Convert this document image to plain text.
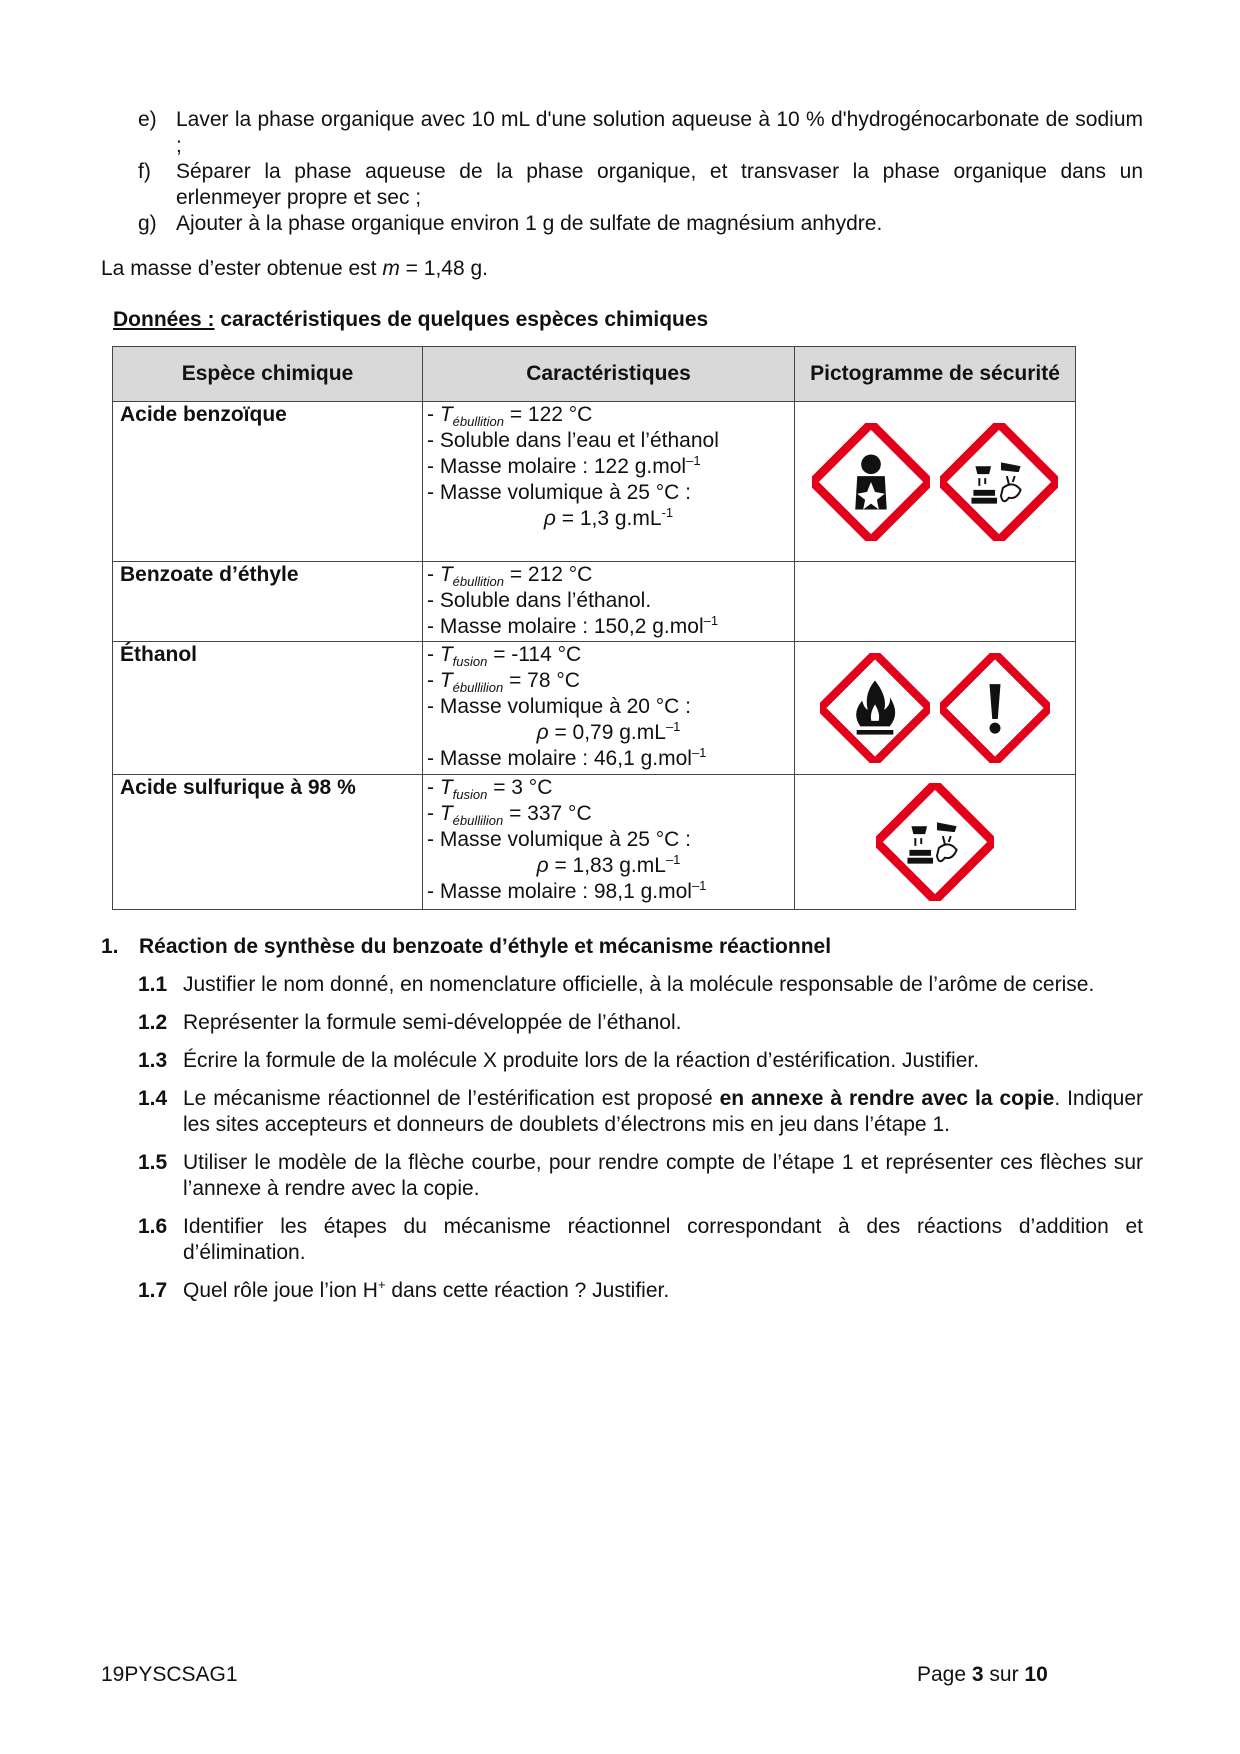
e) Laver la phase organique avec 10 mL d'une solution aqueuse à 10 % d'hydrogénocarbonate de sodium ;
f)	Séparer la phase aqueuse de la phase organique, et transvaser la phase organique dans un erlenmeyer propre et sec ;
g) Ajouter à la phase organique environ 1 g de sulfate de magnésium anhydre.
La masse d’ester obtenue est m = 1,48 g.
Données : caractéristiques de quelques espèces chimiques
Espèce chimique	Caractéristiques	Pictogramme de sécurité
Acide benzoïque	- $T_{ébullition} = 122$ °C
- Soluble dans l’eau et l’éthanol
- Masse molaire : 122 g.mol$^{-1}$
- Masse volumique à 25 °C :
ρ = 1,3 $g.mL^{-1}$

Benzoate d’éthyle	- $T_{ébullition} = 212$ °C
- Soluble dans l’éthanol.
- Masse molaire : 150,2 g.mol$^{-1}$

Éthanol	- $T_{fusion} = -114$ °C
- $T_{ébullilion} = 78$ °C
- Masse volumique à 20 °C :
ρ = 0,79 $g.mL^{-1}$
- Masse molaire : 46,1 g.mol$^{-1}$

Acide sulfurique à 98 %	- $T_{fusion} = 3$ °C
- $T_{ébullilion} = 337$ °C
- Masse volumique à 25 °C :
ρ = 1,83 $g.mL^{-1}$
- Masse molaire : 98,1 g.mol$^{-1}$

1. Réaction de synthèse du benzoate d’éthyle et mécanisme réactionnel
1.1 Justifier le nom donné, en nomenclature officielle, à la molécule responsable de l’arôme de cerise.
1.2 Représenter la formule semi-développée de l’éthanol.
1.3 Écrire la formule de la molécule X produite lors de la réaction d’estérification. Justifier.
1.4 Le mécanisme réactionnel de l’estérification est proposé en annexe à rendre avec la copie. Indiquer les sites accepteurs et donneurs de doublets d’électrons mis en jeu dans l’étape 1.
1.5 Utiliser le modèle de la flèche courbe, pour rendre compte de l’étape 1 et représenter ces flèches sur l’annexe à rendre avec la copie.
1.6 Identifier les étapes du mécanisme réactionnel correspondant à des réactions d’addition et d’élimination.
1.7 Quel rôle joue l’ion H+ dans cette réaction ? Justifier.
19PYSCSAG1	Page 3 sur 10
